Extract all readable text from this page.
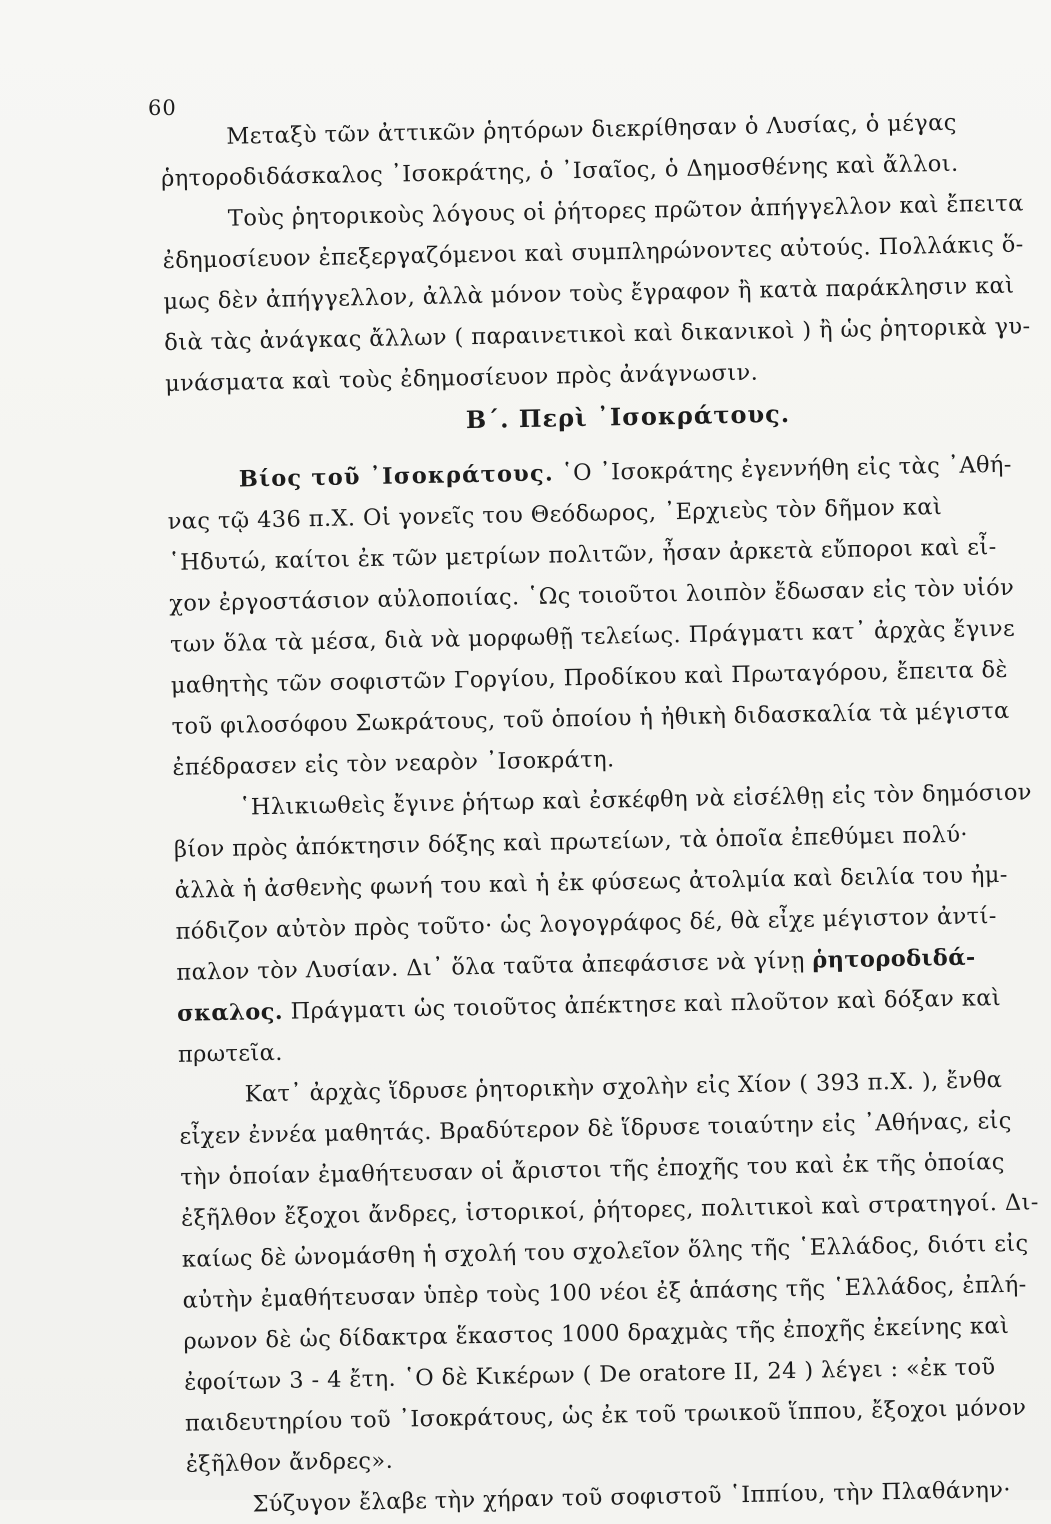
60
Μεταξὺ τῶν ἀττικῶν ῥητόρων διεκρίθησαν ὁ Λυσίας, ὁ μέγας
ῥητοροδιδάσκαλος ᾿Ισοκράτης, ὁ ᾿Ισαῖος, ὁ Δημοσθένης καὶ ἄλλοι.
Τοὺς ῥητορικοὺς λόγους οἱ ῥήτορες πρῶτον ἀπήγγελλον καὶ ἔπειτα
ἐδημοσίευον ἐπεξεργαζόμενοι καὶ συμπληρώνοντες αὐτούς. Πολλάκις ὅ-
μως δὲν ἀπήγγελλον, ἀλλὰ μόνον τοὺς ἔγραφον ἢ κατὰ παράκλησιν καὶ
διὰ τὰς ἀνάγκας ἄλλων ( παραινετικοὶ καὶ δικανικοὶ ) ἢ ὡς ῥητορικὰ γυ-
μνάσματα καὶ τοὺς ἐδημοσίευον πρὸς ἀνάγνωσιν.
Β΄. Περὶ ᾿Ισοκράτους.
Βίος τοῦ ᾿Ισοκράτους. ῾Ο ᾿Ισοκράτης ἐγεννήθη εἰς τὰς ᾿Αθή-
νας τῷ 436 π.Χ. Οἱ γονεῖς του Θεόδωρος, ᾿Ερχιεὺς τὸν δῆμον καὶ
῾Ηδυτώ, καίτοι ἐκ τῶν μετρίων πολιτῶν, ἦσαν ἀρκετὰ εὔποροι καὶ εἶ-
χον ἐργοστάσιον αὐλοποιίας. ῾Ως τοιοῦτοι λοιπὸν ἔδωσαν εἰς τὸν υἱόν
των ὅλα τὰ μέσα, διὰ νὰ μορφωθῇ τελείως. Πράγματι κατ᾿ ἀρχὰς ἔγινε
μαθητὴς τῶν σοφιστῶν Γοργίου, Προδίκου καὶ Πρωταγόρου, ἔπειτα δὲ
τοῦ φιλοσόφου Σωκράτους, τοῦ ὁποίου ἡ ἠθικὴ διδασκαλία τὰ μέγιστα
ἐπέδρασεν εἰς τὸν νεαρὸν ᾿Ισοκράτη.
῾Ηλικιωθεὶς ἔγινε ῥήτωρ καὶ ἐσκέφθη νὰ εἰσέλθῃ εἰς τὸν δημόσιον
βίον πρὸς ἀπόκτησιν δόξης καὶ πρωτείων, τὰ ὁποῖα ἐπεθύμει πολύ·
ἀλλὰ ἡ ἀσθενὴς φωνή του καὶ ἡ ἐκ φύσεως ἀτολμία καὶ δειλία του ἠμ-
πόδιζον αὐτὸν πρὸς τοῦτο· ὡς λογογράφος δέ, θὰ εἶχε μέγιστον ἀντί-
παλον τὸν Λυσίαν. Δι᾿ ὅλα ταῦτα ἀπεφάσισε νὰ γίνῃ ῥητοροδιδά-
σκαλος. Πράγματι ὡς τοιοῦτος ἀπέκτησε καὶ πλοῦτον καὶ δόξαν καὶ
πρωτεῖα.
Κατ᾿ ἀρχὰς ἵδρυσε ῥητορικὴν σχολὴν εἰς Χίον ( 393 π.Χ. ), ἔνθα
εἶχεν ἐννέα μαθητάς. Βραδύτερον δὲ ἵδρυσε τοιαύτην εἰς ᾿Αθήνας, εἰς
τὴν ὁποίαν ἐμαθήτευσαν οἱ ἄριστοι τῆς ἐποχῆς του καὶ ἐκ τῆς ὁποίας
ἐξῆλθον ἔξοχοι ἄνδρες, ἱστορικοί, ῥήτορες, πολιτικοὶ καὶ στρατηγοί. Δι-
καίως δὲ ὠνομάσθη ἡ σχολή του σχολεῖον ὅλης τῆς ῾Ελλάδος, διότι εἰς
αὐτὴν ἐμαθήτευσαν ὑπὲρ τοὺς 100 νέοι ἐξ ἁπάσης τῆς ῾Ελλάδος, ἐπλή-
ρωνον δὲ ὡς δίδακτρα ἕκαστος 1000 δραχμὰς τῆς ἐποχῆς ἐκείνης καὶ
ἐφοίτων 3 - 4 ἔτη. ῾Ο δὲ Κικέρων ( De oratore II, 24 ) λέγει : «ἐκ τοῦ
παιδευτηρίου τοῦ ᾿Ισοκράτους, ὡς ἐκ τοῦ τρωικοῦ ἵππου, ἔξοχοι μόνον
ἐξῆλθον ἄνδρες».
Σύζυγον ἔλαβε τὴν χήραν τοῦ σοφιστοῦ ῾Ιππίου, τὴν Πλαθάνην·
